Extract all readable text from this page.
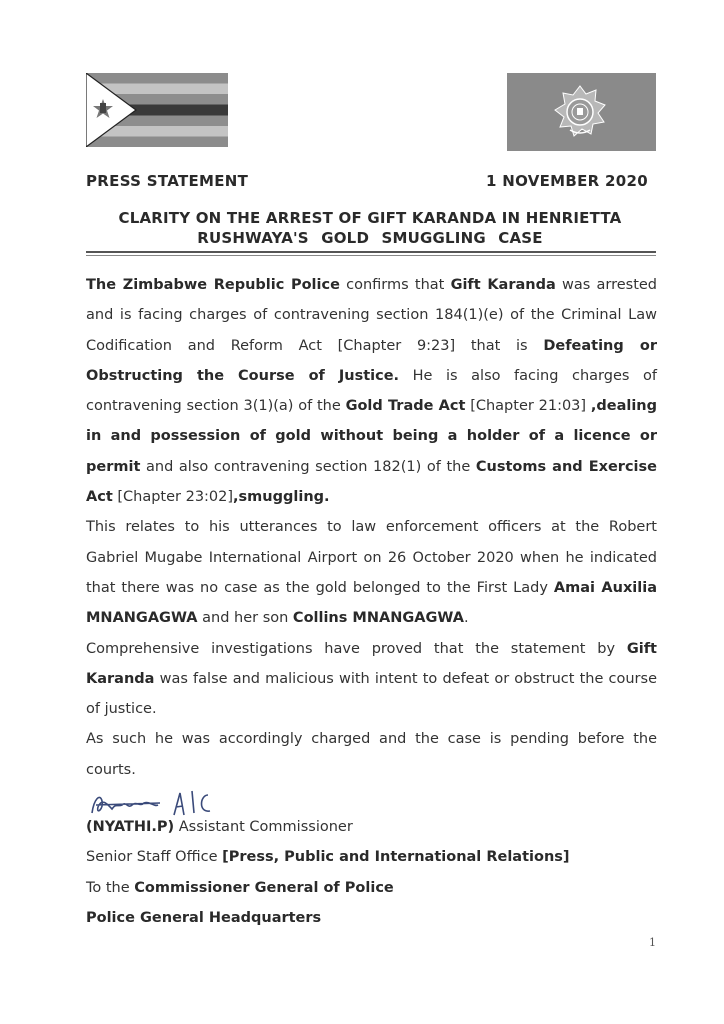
PRESS STATEMENT	1 NOVEMBER 2020
CLARITY ON THE ARREST OF GIFT KARANDA IN HENRIETTA
RUSHWAYA'S GOLD SMUGGLING CASE

The Zimbabwe Republic Police confirms that Gift Karanda was arrested and is facing charges of contravening section 184(1)(e) of the Criminal Law Codification and Reform Act [Chapter 9:23] that is Defeating or Obstructing the Course of Justice. He is also facing charges of contravening section 3(1)(a) of the Gold Trade Act [Chapter 21:03] ,dealing in and possession of gold without being a holder of a licence or permit and also contravening section 182(1) of the Customs and Exercise Act [Chapter 23:02],smuggling.

This relates to his utterances to law enforcement officers at the Robert Gabriel Mugabe International Airport on 26 October 2020 when he indicated that there was no case as the gold belonged to the First Lady Amai Auxilia MNANGAGWA and her son Collins MNANGAGWA.

Comprehensive investigations have proved that the statement by Gift Karanda was false and malicious with intent to defeat or obstruct the course of justice.

As such he was accordingly charged and the case is pending before the courts.

(NYATHI.P) Assistant Commissioner
Senior Staff Office [Press, Public and International Relations]
To the Commissioner General of Police
Police General Headquarters
1
